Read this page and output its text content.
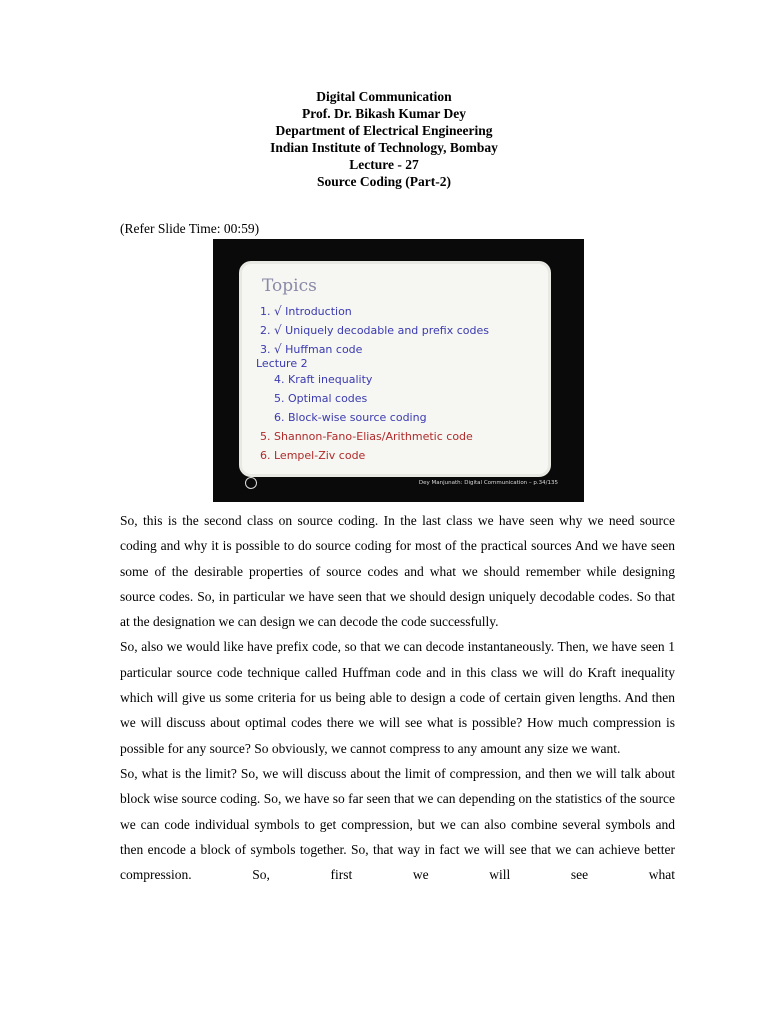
Digital Communication
Prof. Dr. Bikash Kumar Dey
Department of Electrical Engineering
Indian Institute of Technology, Bombay
Lecture - 27
Source Coding (Part-2)
(Refer Slide Time: 00:59)
Topics
1. √ Introduction
2. √ Uniquely decodable and prefix codes
3. √ Huffman code
Lecture 2
4. Kraft inequality
5. Optimal codes
6. Block-wise source coding
5. Shannon-Fano-Elias/Arithmetic code
6. Lempel-Ziv code
Dey Manjunath: Digital Communication – p.34/135

So, this is the second class on source coding. In the last class we have seen why we need source coding and why it is possible to do source coding for most of the practical sources And we have seen some of the desirable properties of source codes and what we should remember while designing source codes. So, in particular we have seen that we should design uniquely decodable codes. So that at the designation we can design we can decode the code successfully.

So, also we would like have prefix code, so that we can decode instantaneously. Then, we have seen 1 particular source code technique called Huffman code and in this class we will do Kraft inequality which will give us some criteria for us being able to design a code of certain given lengths. And then we will discuss about optimal codes there we will see what is possible? How much compression is possible for any source? So obviously, we cannot compress to any amount any size we want.

So, what is the limit? So, we will discuss about the limit of compression, and then we will talk about block wise source coding. So, we have so far seen that we can depending on the statistics of the source we can code individual symbols to get compression, but we can also combine several symbols and then encode a block of symbols together. So, that way in fact we will see that we can achieve better compression. So, first we will see what
